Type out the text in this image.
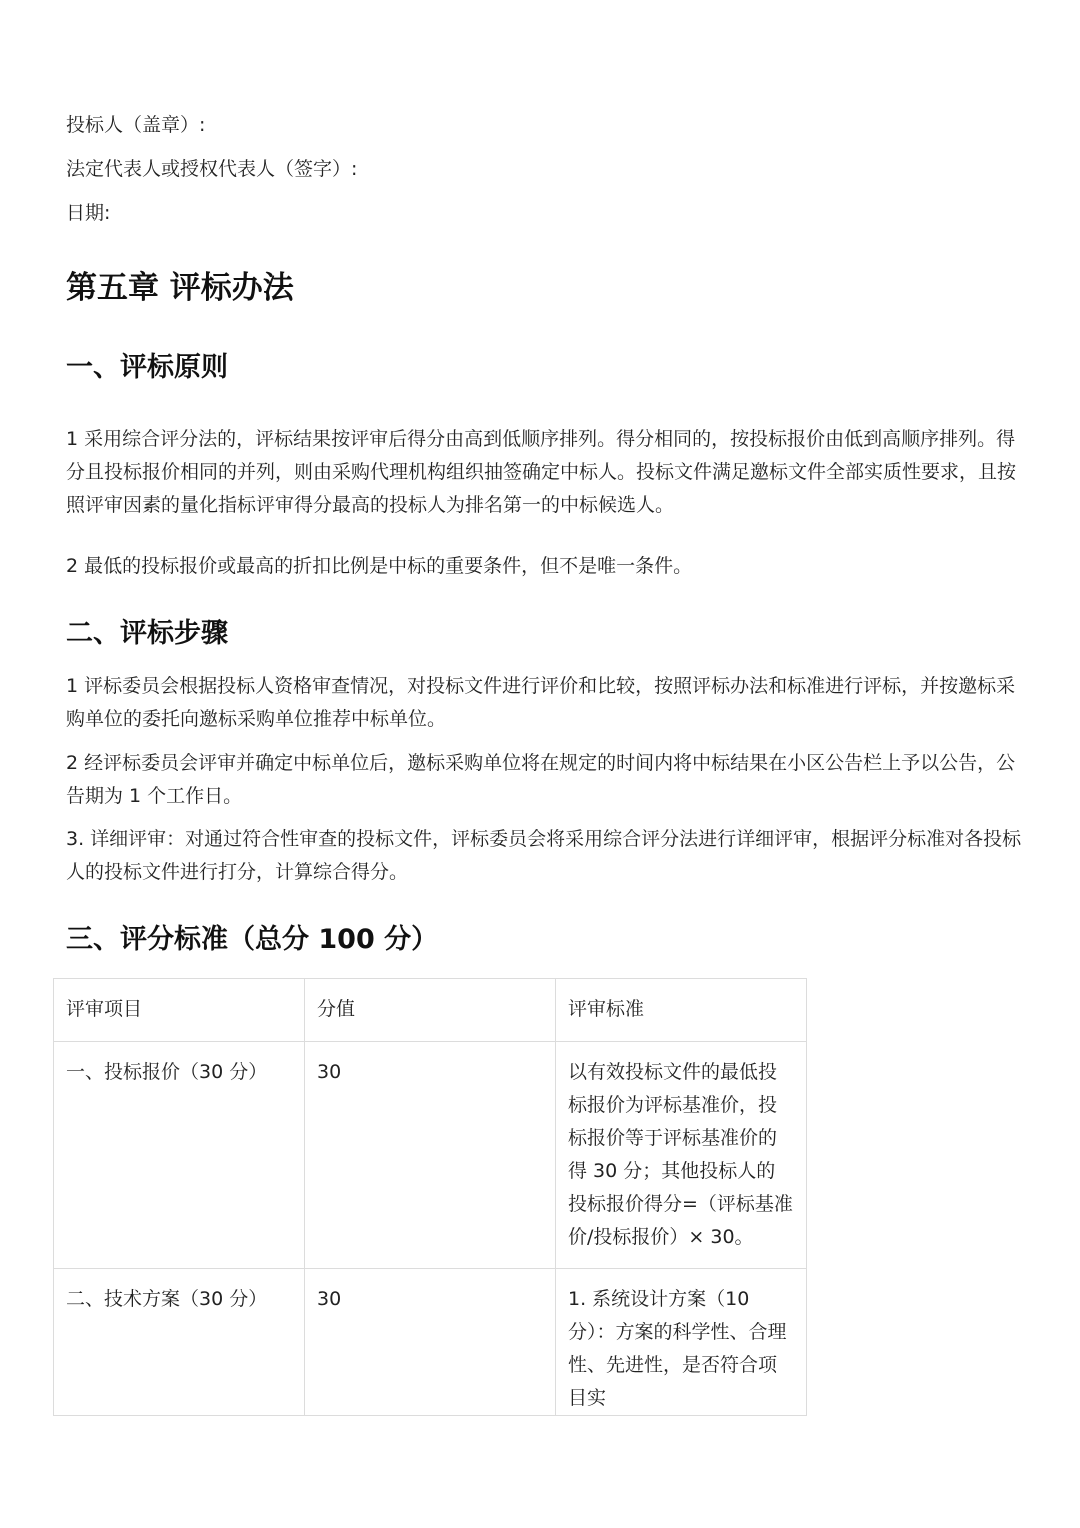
投标人（盖章）:
法定代表人或授权代表人（签字）:
日期:
第五章 评标办法
一、评标原则
1 采用综合评分法的，评标结果按评审后得分由高到低顺序排列。得分相同的，按投标报价由低到高顺序排列。得分且投标报价相同的并列，则由采购代理机构组织抽签确定中标人。投标文件满足邀标文件全部实质性要求，且按照评审因素的量化指标评审得分最高的投标人为排名第一的中标候选人。
2 最低的投标报价或最高的折扣比例是中标的重要条件，但不是唯一条件。
二、评标步骤
1 评标委员会根据投标人资格审查情况，对投标文件进行评价和比较，按照评标办法和标准进行评标，并按邀标采购单位的委托向邀标采购单位推荐中标单位。
2 经评标委员会评审并确定中标单位后，邀标采购单位将在规定的时间内将中标结果在小区公告栏上予以公告，公告期为 1 个工作日。
3. 详细评审：对通过符合性审查的投标文件，评标委员会将采用综合评分法进行详细评审，根据评分标准对各投标人的投标文件进行打分，计算综合得分。
三、评分标准（总分 100 分）
评审项目	分值	评审标准

一、投标报价（30 分）	30	以有效投标文件的最低投标报价为评标基准价，投标报价等于评标基准价的得 30 分；其他投标人的投标报价得分=（评标基准价/投标报价）× 30。

二、技术方案（30 分）	30	1. 系统设计方案（10 分）：方案的科学性、合理性、先进性，是否符合项目实
